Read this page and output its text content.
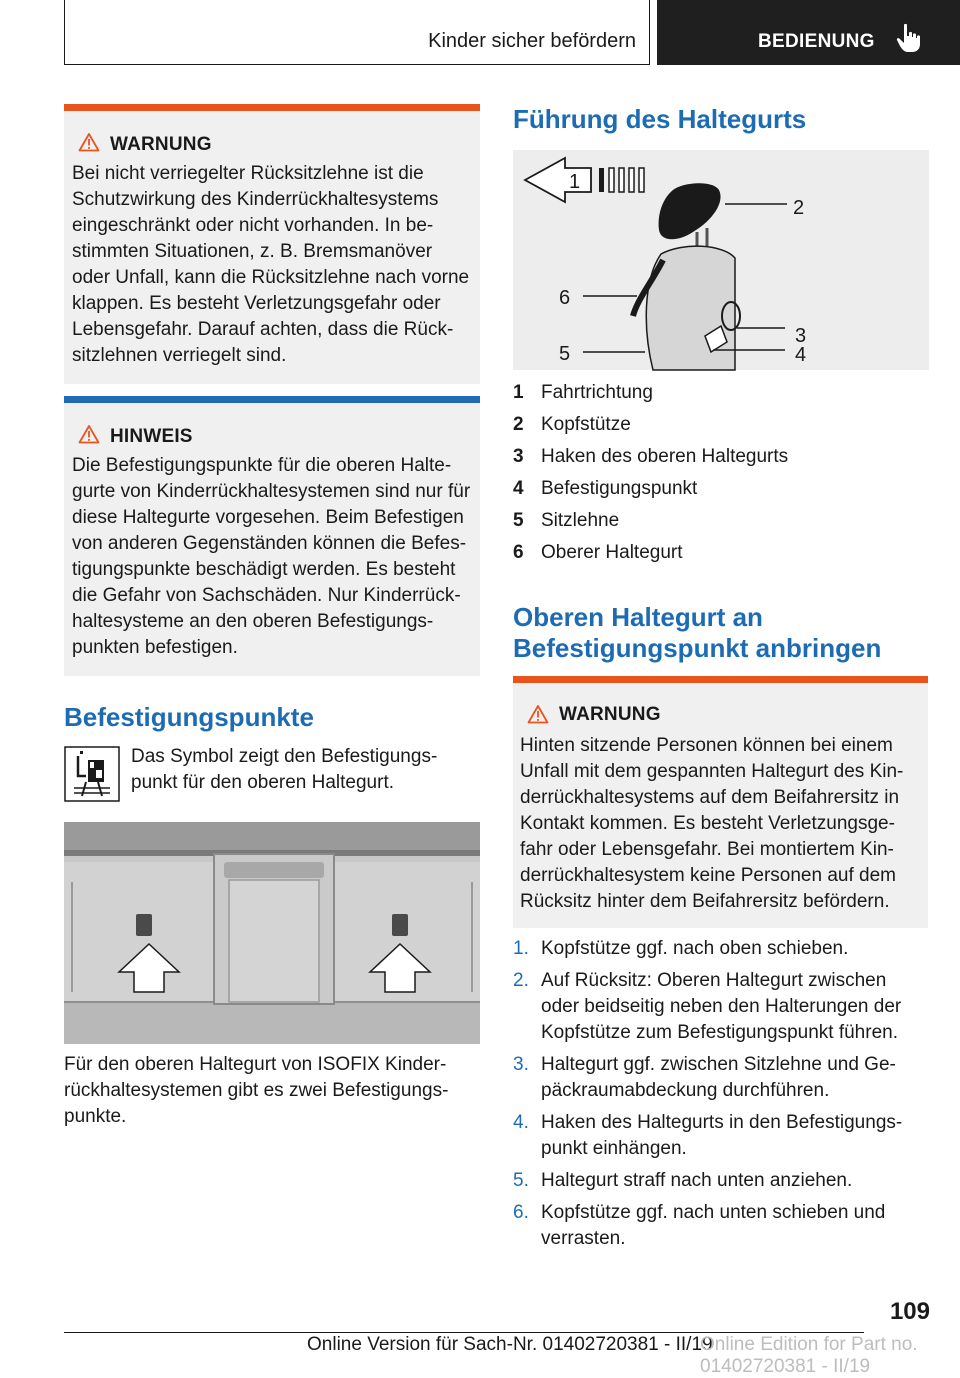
Kinder sicher befördern	BEDIENUNG
WARNUNG
Bei nicht verriegelter Rücksitzlehne ist die
Schutzwirkung des Kinderrückhaltesystems
eingeschränkt oder nicht vorhanden. In be-
stimmten Situationen, z. B. Bremsmanöver
oder Unfall, kann die Rücksitzlehne nach vorne
klappen. Es besteht Verletzungsgefahr oder
Lebensgefahr. Darauf achten, dass die Rück-
sitzlehnen verriegelt sind.
HINWEIS
Die Befestigungspunkte für die oberen Halte-
gurte von Kinderrückhaltesystemen sind nur für
diese Haltegurte vorgesehen. Beim Befestigen
von anderen Gegenständen können die Befes-
tigungspunkte beschädigt werden. Es besteht
die Gefahr von Sachschäden. Nur Kinderrück-
haltesysteme an den oberen Befestigungs-
punkten befestigen.
Befestigungspunkte
Das Symbol zeigt den Befestigungs-
punkt für den oberen Haltegurt.
Für den oberen Haltegurt von ISOFIX Kinder-
rückhaltesystemen gibt es zwei Befestigungs-
punkte.
Führung des Haltegurts
1
2
3
4
5
6
1 Fahrtrichtung
2 Kopfstütze
3 Haken des oberen Haltegurts
4 Befestigungspunkt
5 Sitzlehne
6 Oberer Haltegurt
Oberen Haltegurt an
Befestigungspunkt anbringen
WARNUNG
Hinten sitzende Personen können bei einem
Unfall mit dem gespannten Haltegurt des Kin-
derrückhaltesystems auf dem Beifahrersitz in
Kontakt kommen. Es besteht Verletzungsge-
fahr oder Lebensgefahr. Bei montiertem Kin-
derrückhaltesystem keine Personen auf dem
Rücksitz hinter dem Beifahrersitz befördern.
1. Kopfstütze ggf. nach oben schieben.
2. Auf Rücksitz: Oberen Haltegurt zwischen
oder beidseitig neben den Halterungen der
Kopfstütze zum Befestigungspunkt führen.
3. Haltegurt ggf. zwischen Sitzlehne und Ge-
päckraumabdeckung durchführen.
4. Haken des Haltegurts in den Befestigungs-
punkt einhängen.
5. Haltegurt straff nach unten anziehen.
6. Kopfstütze ggf. nach unten schieben und
verrasten.
109
Online Version für Sach-Nr. 01402720381 - II/19
Online Edition for Part no. 01402720381 - II/19
